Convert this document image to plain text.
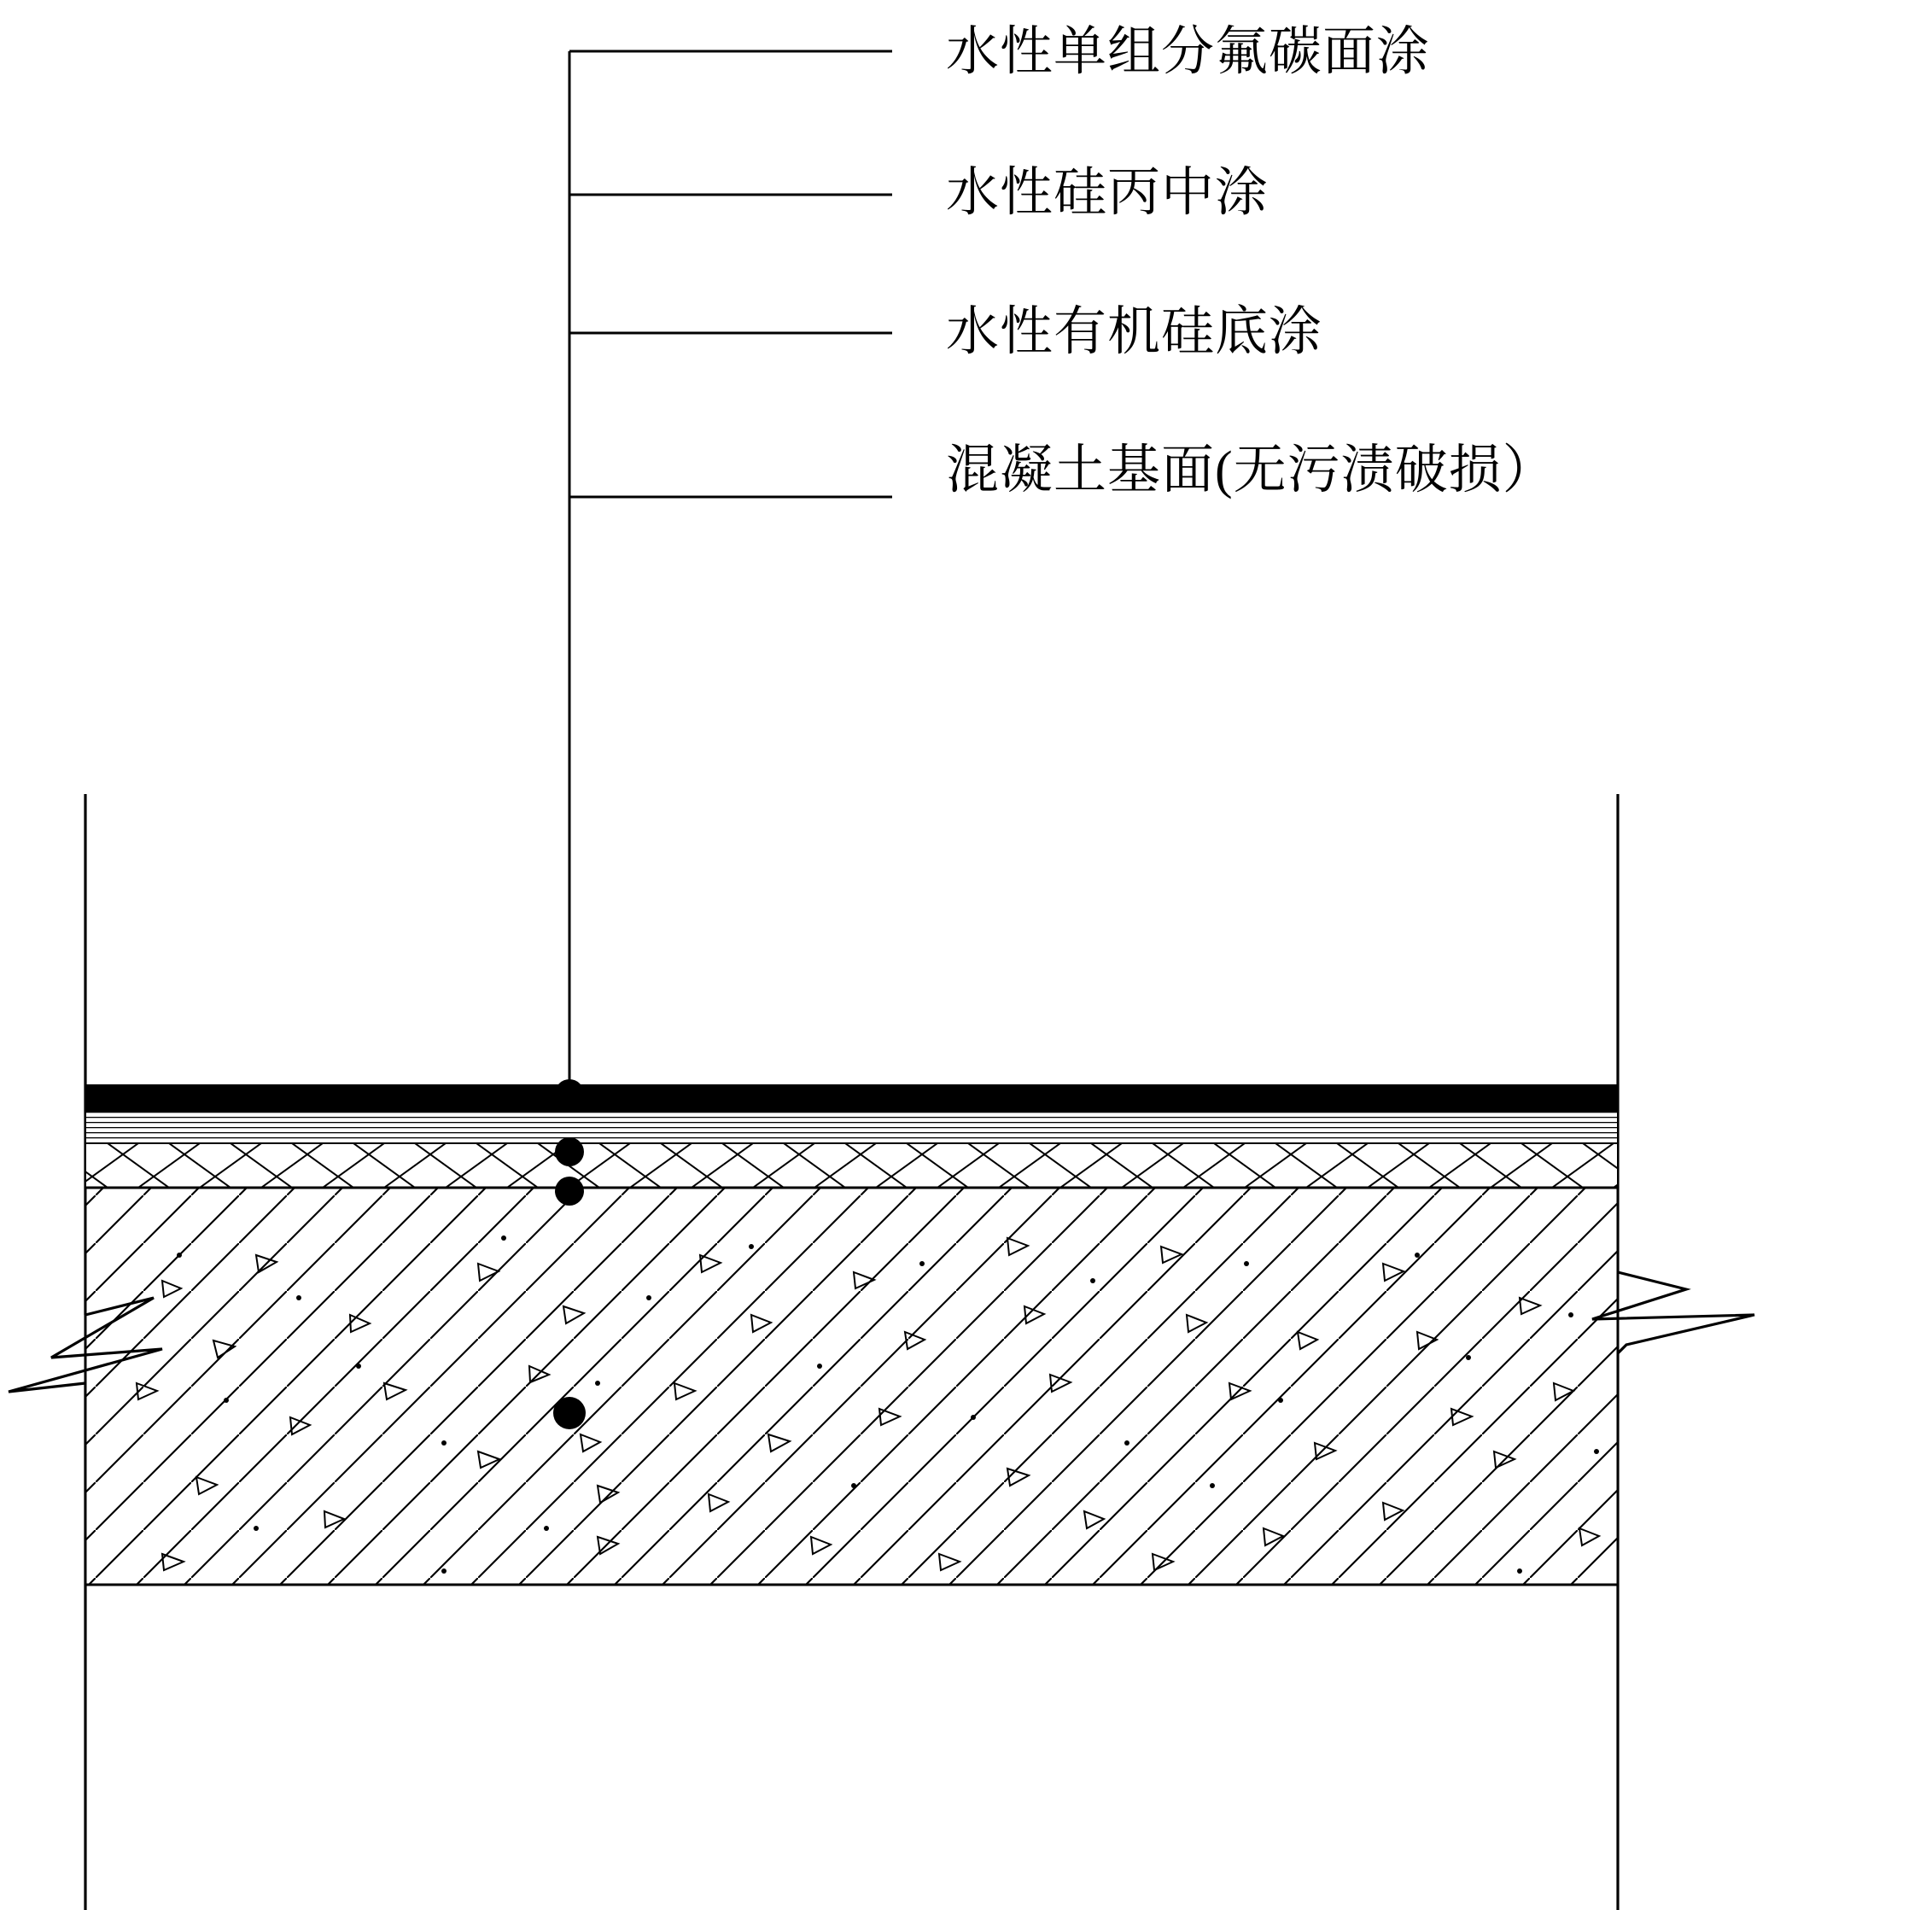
水性单组分氟碳面涂
水性硅丙中涂
水性有机硅底涂
混凝土基面(无污渍破损）
